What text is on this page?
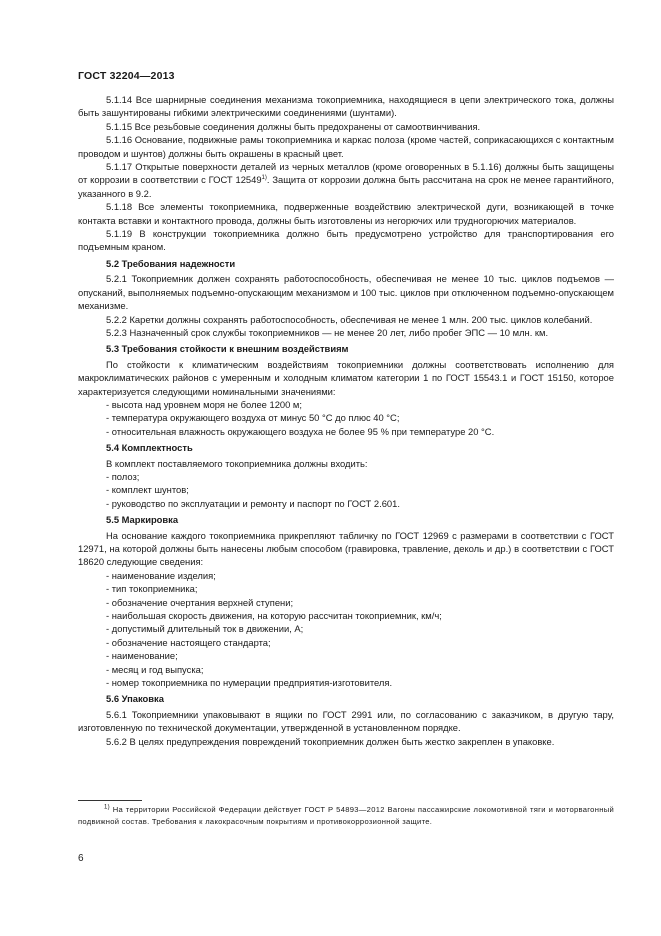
ГОСТ 32204—2013

5.1.14 Все шарнирные соединения механизма токоприемника, находящиеся в цепи электрического тока, должны быть зашунтированы гибкими электрическими соединениями (шунтами).

5.1.15 Все резьбовые соединения должны быть предохранены от самоотвинчивания.

5.1.16 Основание, подвижные рамы токоприемника и каркас полоза (кроме частей, соприкасающихся с контактным проводом и шунтов) должны быть окрашены в красный цвет.

5.1.17 Открытые поверхности деталей из черных металлов (кроме оговоренных в 5.1.16) должны быть защищены от коррозии в соответствии с ГОСТ 12549$^{1)}$. Защита от коррозии должна быть рассчитана на срок не менее гарантийного, указанного в 9.2.

5.1.18 Все элементы токоприемника, подверженные воздействию электрической дуги, возникающей в точке контакта вставки и контактного провода, должны быть изготовлены из негорючих или трудногорючих материалов.

5.1.19 В конструкции токоприемника должно быть предусмотрено устройство для транспортирования его подъемным краном.

5.2 Требования надежности

5.2.1 Токоприемник должен сохранять работоспособность, обеспечивая не менее 10 тыс. циклов подъемов — опусканий, выполняемых подъемно-опускающим механизмом и 100 тыс. циклов при отключенном подъемно-опускающем механизме.

5.2.2 Каретки должны сохранять работоспособность, обеспечивая не менее 1 млн. 200 тыс. циклов колебаний.

5.2.3 Назначенный срок службы токоприемников — не менее 20 лет, либо пробег ЭПС — 10 млн. км.

5.3 Требования стойкости к внешним воздействиям

По стойкости к климатическим воздействиям токоприемники должны соответствовать исполнению для макроклиматических районов с умеренным и холодным климатом категории 1 по ГОСТ 15543.1 и ГОСТ 15150, которое характеризуется следующими номинальными значениями:

- высота над уровнем моря не более 1200 м;
- температура окружающего воздуха от минус 50 °С до плюс 40 °С;
- относительная влажность окружающего воздуха не более 95 % при температуре 20 °С.
5.4 Комплектность
В комплект поставляемого токоприемника должны входить:
- полоз;
- комплект шунтов;
- руководство по эксплуатации и ремонту и паспорт по ГОСТ 2.601.
5.5 Маркировка

На основание каждого токоприемника прикрепляют табличку по ГОСТ 12969 с размерами в соответствии с ГОСТ 12971, на которой должны быть нанесены любым способом (гравировка, травление, деколь и др.) в соответствии с ГОСТ 18620 следующие сведения:

- наименование изделия;
- тип токоприемника;
- обозначение очертания верхней ступени;
- наибольшая скорость движения, на которую рассчитан токоприемник, км/ч;
- допустимый длительный ток в движении, А;
- обозначение настоящего стандарта;
- наименование;
- месяц и год выпуска;
- номер токоприемника по нумерации предприятия-изготовителя.
5.6 Упаковка

5.6.1 Токоприемники упаковывают в ящики по ГОСТ 2991 или, по согласованию с заказчиком, в другую тару, изготовленную по технической документации, утвержденной в установленном порядке.

5.6.2 В целях предупреждения повреждений токоприемник должен быть жестко закреплен в упаковке.

$^{1)}$ На территории Российской Федерации действует ГОСТ Р 54893—2012 Вагоны пассажирские локомотивной тяги и моторвагонный подвижной состав. Требования к лакокрасочным покрытиям и противокоррозионной защите.

6
